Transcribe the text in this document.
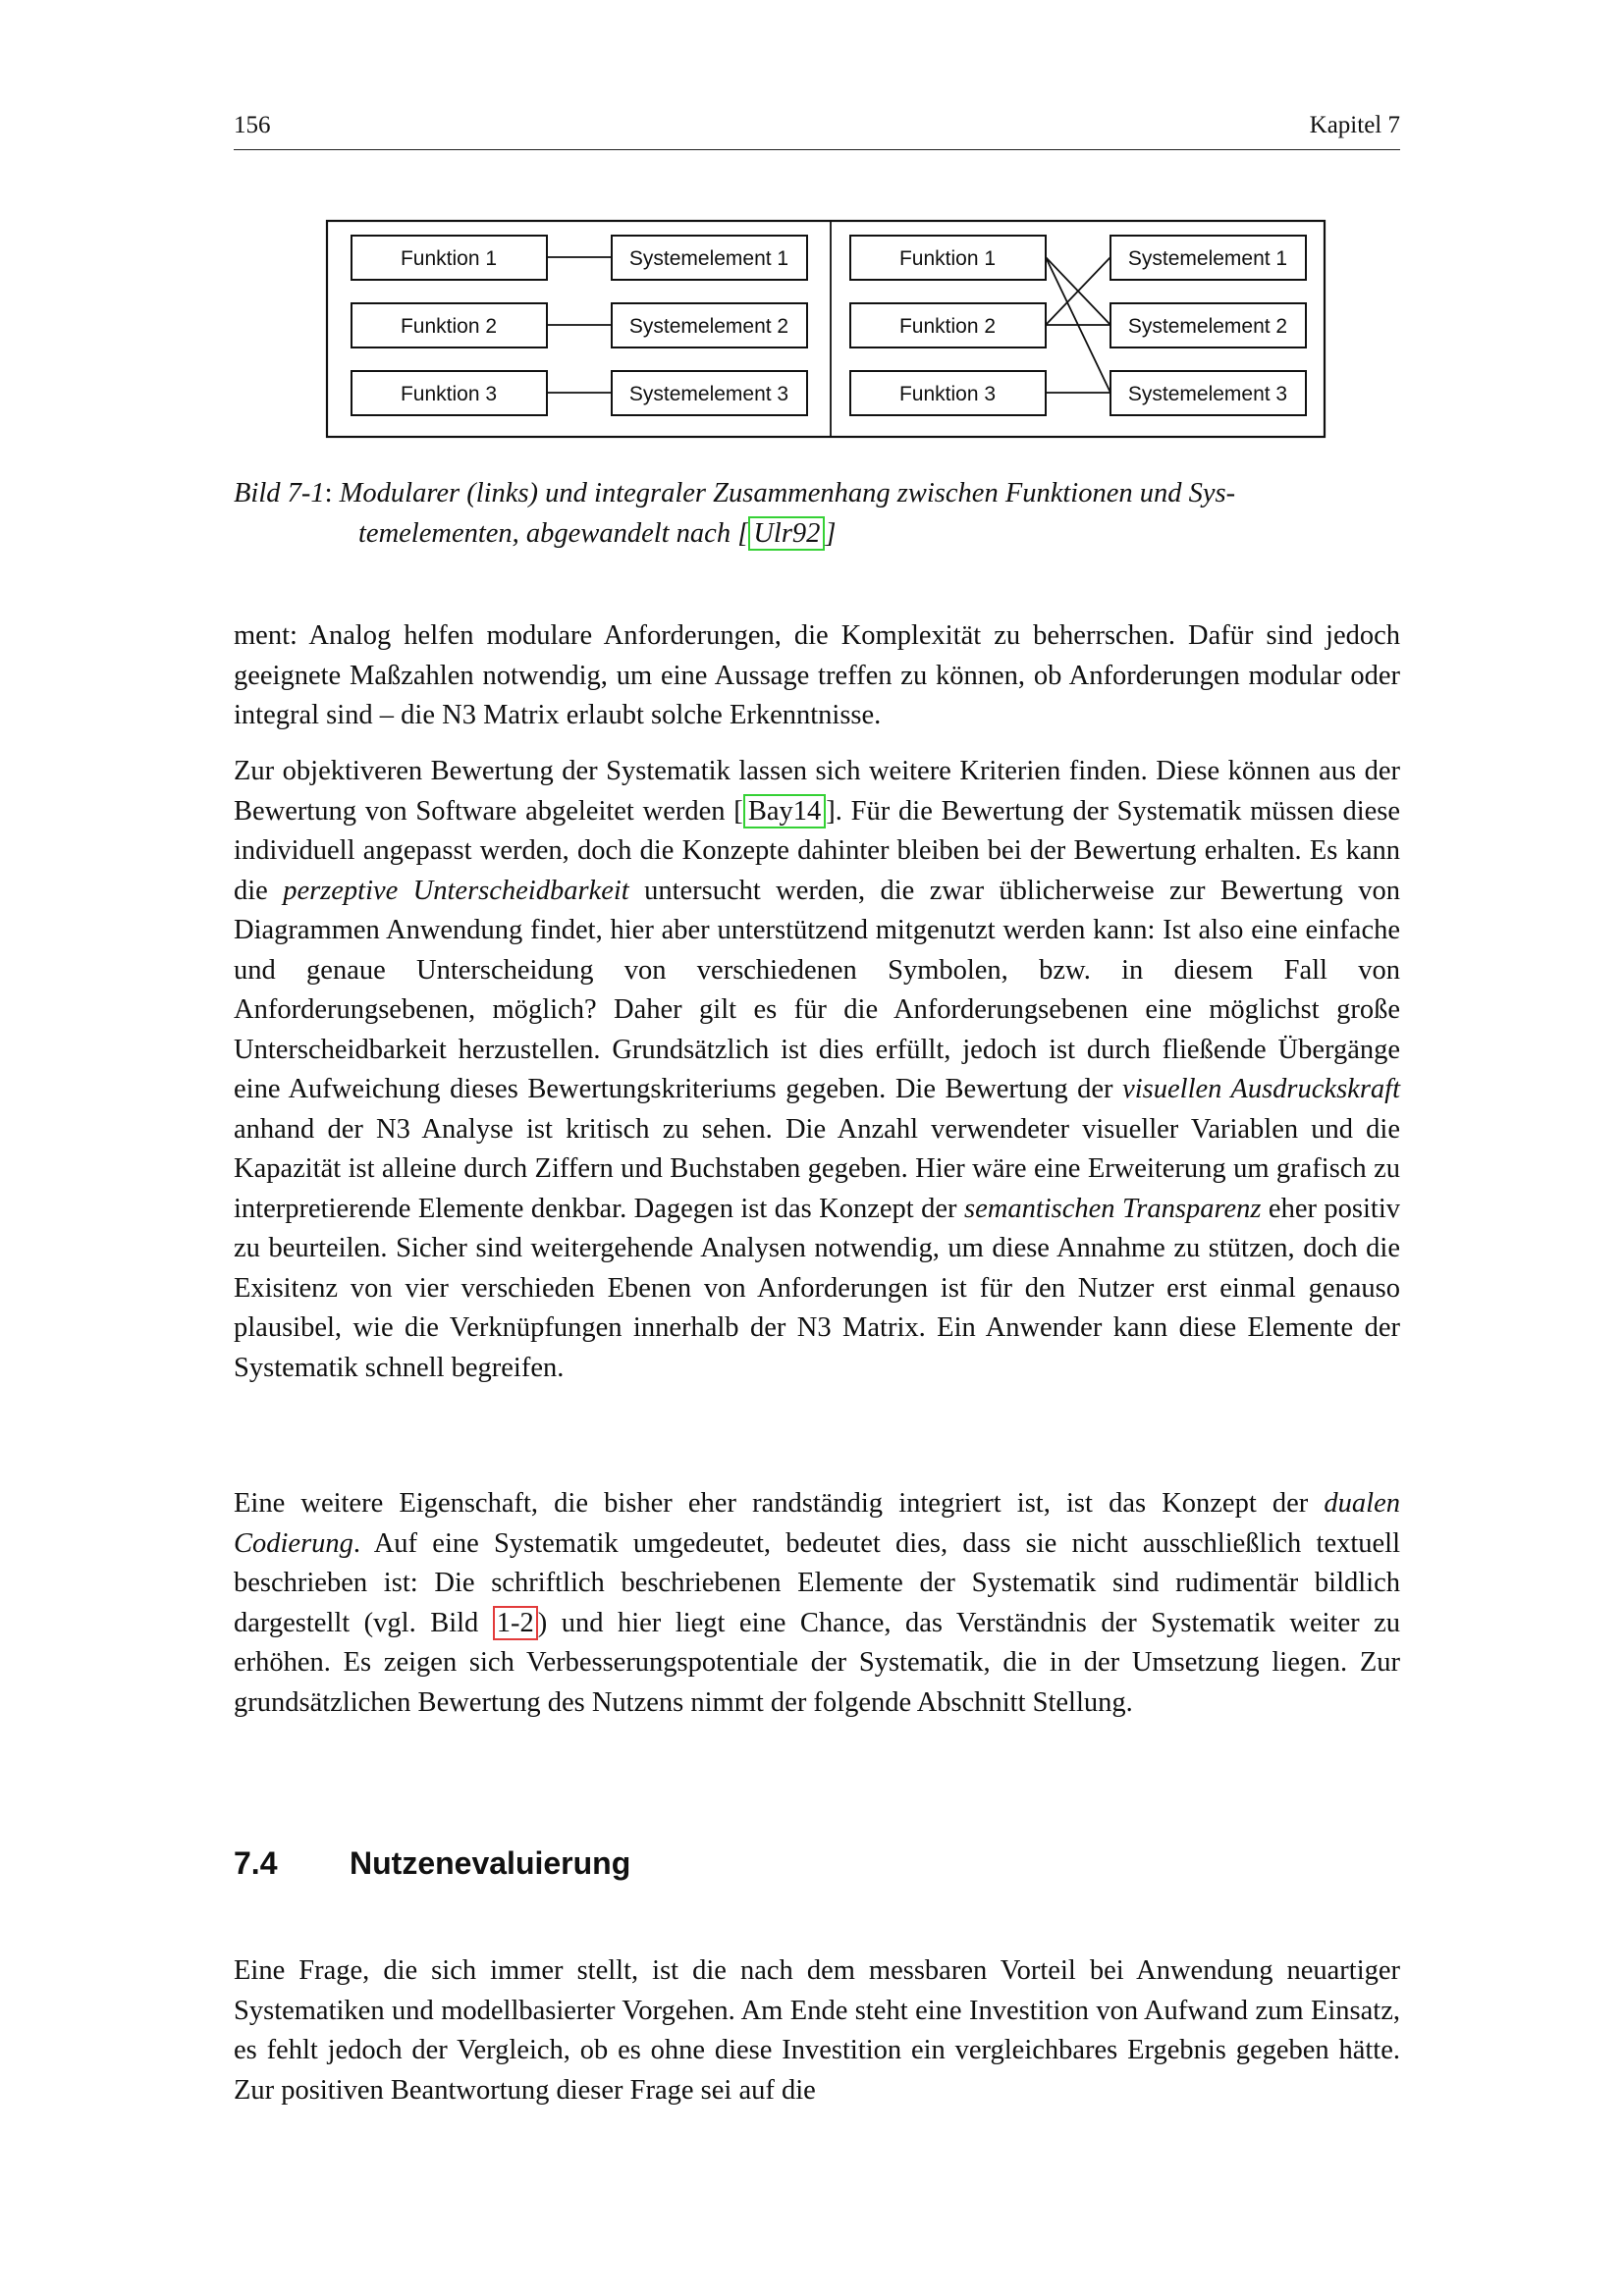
156	Kapitel 7
Funktion 1
Funktion 2
Funktion 3
Systemelement 1
Systemelement 2
Systemelement 3
Funktion 1
Funktion 2
Funktion 3
Systemelement 1
Systemelement 2
Systemelement 3
Bild 7-1: Modularer (links) und integraler Zusammenhang zwischen Funktionen und Sys-
temelementen, abgewandelt nach [ Ulr92 ]

ment: Analog helfen modulare Anforderungen, die Komplexität zu beherrschen. Dafür sind jedoch geeignete Maßzahlen notwendig, um eine Aussage treffen zu können, ob Anforderungen modular oder integral sind – die N3 Matrix erlaubt solche Erkenntnisse.

Zur objektiveren Bewertung der Systematik lassen sich weitere Kriterien finden. Diese können aus der Bewertung von Software abgeleitet werden [ Bay14 ]. Für die Bewertung der Systematik müssen diese individuell angepasst werden, doch die Konzepte dahinter bleiben bei der Bewertung erhalten. Es kann die perzeptive Unterscheidbarkeit untersucht werden, die zwar üblicherweise zur Bewertung von Diagrammen Anwendung findet, hier aber unterstützend mitgenutzt werden kann: Ist also eine einfache und genaue Unterscheidung von verschiedenen Symbolen, bzw. in diesem Fall von Anforderungsebenen, möglich? Daher gilt es für die Anforderungsebenen eine möglichst große Unterscheidbarkeit herzustellen. Grundsätzlich ist dies erfüllt, jedoch ist durch fließende Übergänge eine Aufweichung dieses Bewertungskriteriums gegeben. Die Bewertung der visuellen Ausdruckskraft anhand der N3 Analyse ist kritisch zu sehen. Die Anzahl verwendeter visueller Variablen und die Kapazität ist alleine durch Ziffern und Buchstaben gegeben. Hier wäre eine Erweiterung um grafisch zu interpretierende Elemente denkbar. Dagegen ist das Konzept der semantischen Transparenz eher positiv zu beurteilen. Sicher sind weitergehende Analysen notwendig, um diese Annahme zu stützen, doch die Exisitenz von vier verschieden Ebenen von Anforderungen ist für den Nutzer erst einmal genauso plausibel, wie die Verknüpfungen innerhalb der N3 Matrix. Ein Anwender kann diese Elemente der Systematik schnell begreifen.

Eine weitere Eigenschaft, die bisher eher randständig integriert ist, ist das Konzept der dualen Codierung. Auf eine Systematik umgedeutet, bedeutet dies, dass sie nicht ausschließlich textuell beschrieben ist: Die schriftlich beschriebenen Elemente der Systematik sind rudimentär bildlich dargestellt (vgl. Bild 1-2 ) und hier liegt eine Chance, das Verständnis der Systematik weiter zu erhöhen. Es zeigen sich Verbesserungspotentiale der Systematik, die in der Umsetzung liegen. Zur grundsätzlichen Bewertung des Nutzens nimmt der folgende Abschnitt Stellung.

7.4 Nutzenevaluierung

Eine Frage, die sich immer stellt, ist die nach dem messbaren Vorteil bei Anwendung neuartiger Systematiken und modellbasierter Vorgehen. Am Ende steht eine Investition von Aufwand zum Einsatz, es fehlt jedoch der Vergleich, ob es ohne diese Investition ein vergleichbares Ergebnis gegeben hätte. Zur positiven Beantwortung dieser Frage sei auf die
